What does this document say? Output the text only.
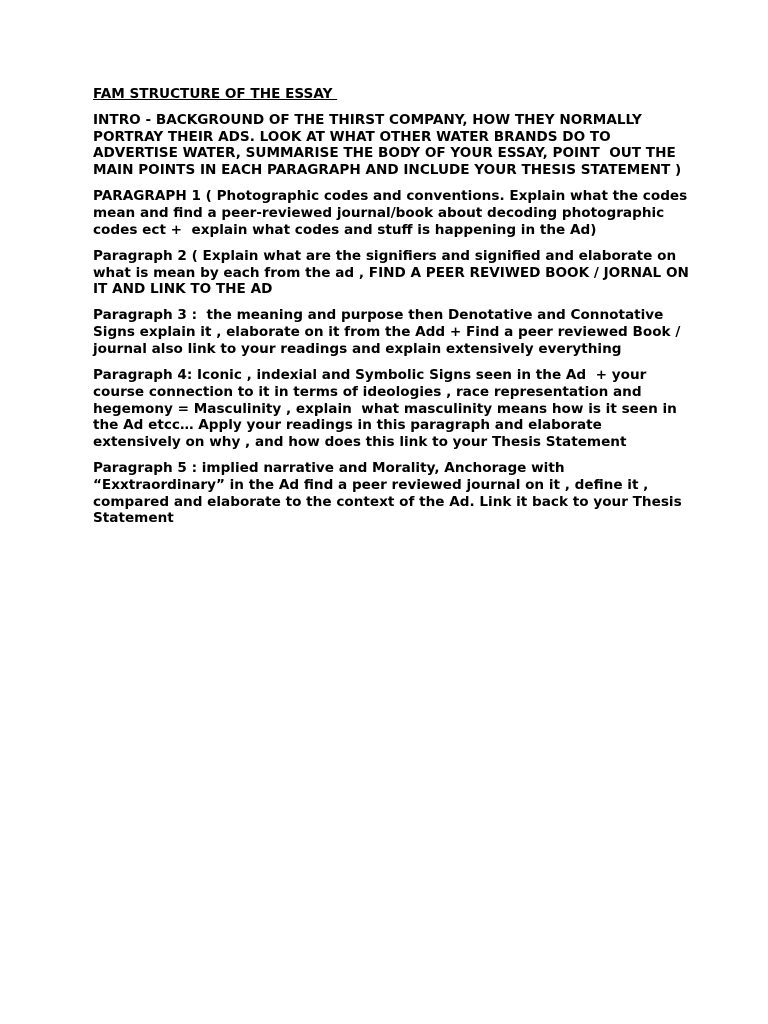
FAM STRUCTURE OF THE ESSAY

INTRO - BACKGROUND OF THE THIRST COMPANY, HOW THEY NORMALLY PORTRAY THEIR ADS. LOOK AT WHAT OTHER WATER BRANDS DO TO ADVERTISE WATER, SUMMARISE THE BODY OF YOUR ESSAY, POINT  OUT THE MAIN POINTS IN EACH PARAGRAPH AND INCLUDE YOUR THESIS STATEMENT )

PARAGRAPH 1 ( Photographic codes and conventions. Explain what the codes mean and find a peer-reviewed journal/book about decoding photographic codes ect +  explain what codes and stuff is happening in the Ad)

Paragraph 2 ( Explain what are the signifiers and signified and elaborate on what is mean by each from the ad , FIND A PEER REVIWED BOOK / JORNAL ON IT AND LINK TO THE AD

Paragraph 3 :  the meaning and purpose then Denotative and Connotative Signs explain it , elaborate on it from the Add + Find a peer reviewed Book / journal also link to your readings and explain extensively everything

Paragraph 4: Iconic , indexial and Symbolic Signs seen in the Ad  + your course connection to it in terms of ideologies , race representation and hegemony = Masculinity , explain  what masculinity means how is it seen in the Ad etcc… Apply your readings in this paragraph and elaborate extensively on why , and how does this link to your Thesis Statement

Paragraph 5 : implied narrative and Morality, Anchorage with “Exxtraordinary” in the Ad find a peer reviewed journal on it , define it , compared and elaborate to the context of the Ad. Link it back to your Thesis Statement
